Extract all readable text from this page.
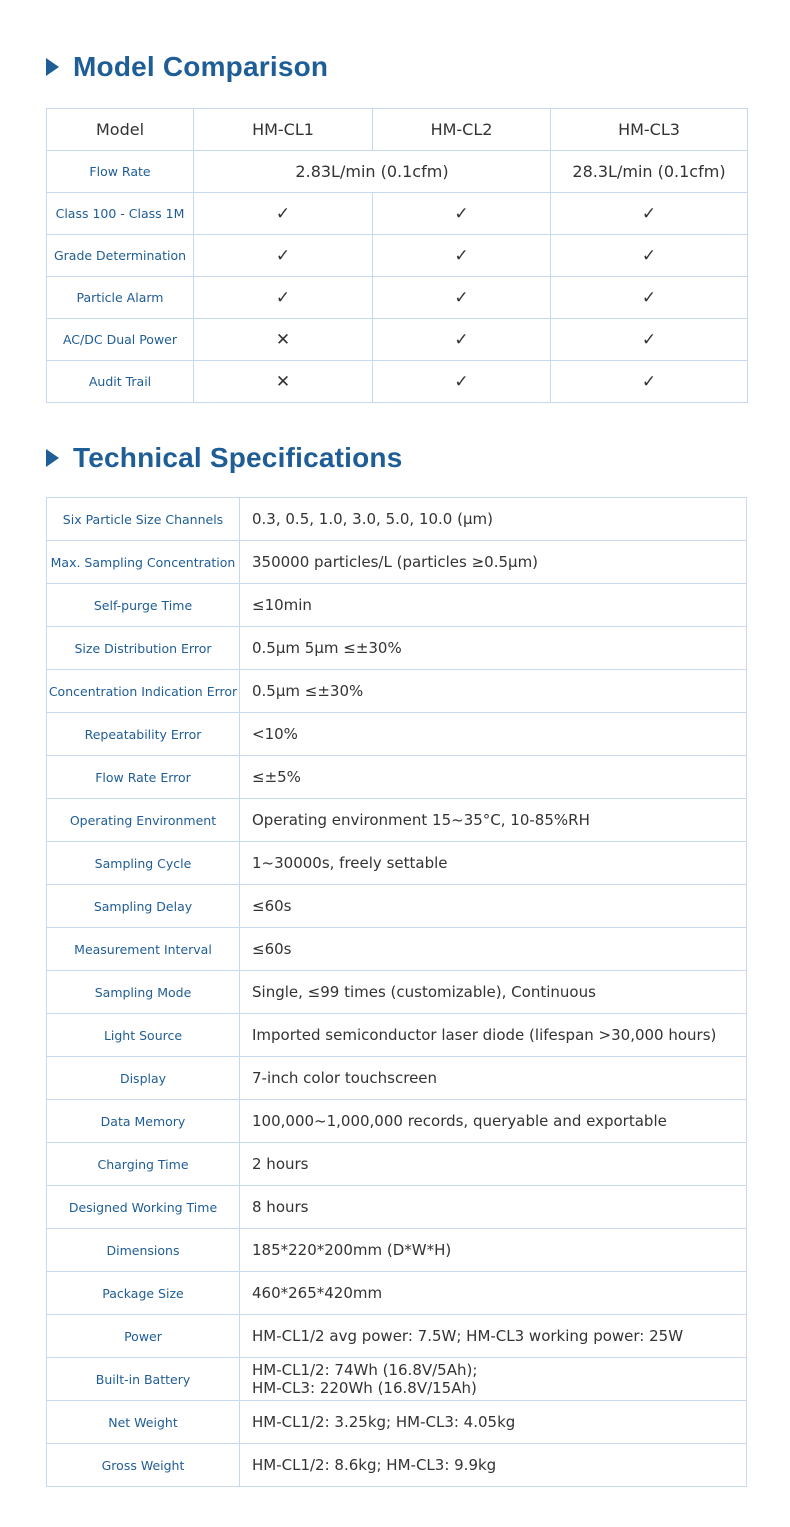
Model Comparison
Model	HM-CL1	HM-CL2	HM-CL3
Flow Rate	2.83L/min (0.1cfm)		28.3L/min (0.1cfm)
Class 100 - Class 1M	✓	✓	✓
Grade Determination	✓	✓	✓
Particle Alarm	✓	✓	✓
AC/DC Dual Power	✕	✓	✓
Audit Trail	✕	✓	✓
Technical Specifications
Six Particle Size Channels	0.3, 0.5, 1.0, 3.0, 5.0, 10.0 (μm)
Max. Sampling Concentration	350000 particles/L (particles ≥0.5μm)
Self-purge Time	≤10min
Size Distribution Error	0.5μm 5μm ≤±30%
Concentration Indication Error	0.5μm ≤±30%
Repeatability Error	<10%
Flow Rate Error	≤±5%
Operating Environment	Operating environment 15~35°C, 10-85%RH
Sampling Cycle	1~30000s, freely settable
Sampling Delay	≤60s
Measurement Interval	≤60s
Sampling Mode	Single, ≤99 times (customizable), Continuous
Light Source	Imported semiconductor laser diode (lifespan >30,000 hours)
Display	7-inch color touchscreen
Data Memory	100,000~1,000,000 records, queryable and exportable
Charging Time	2 hours
Designed Working Time	8 hours
Dimensions	185*220*200mm (D*W*H)
Package Size	460*265*420mm
Power	HM-CL1/2 avg power: 7.5W; HM-CL3 working power: 25W
Built-in Battery	HM-CL1/2: 74Wh (16.8V/5Ah);
HM-CL3: 220Wh (16.8V/15Ah)

Net Weight	HM-CL1/2: 3.25kg; HM-CL3: 4.05kg
Gross Weight	HM-CL1/2: 8.6kg; HM-CL3: 9.9kg
